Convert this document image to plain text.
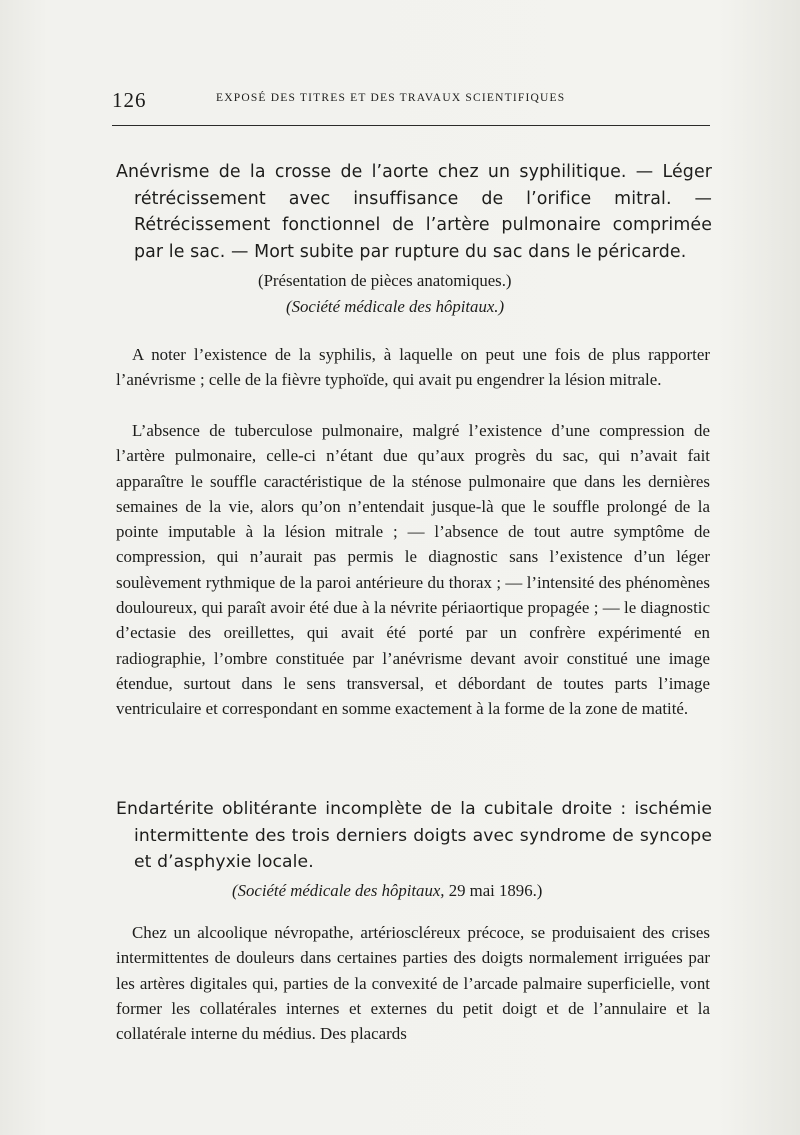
126	EXPOSÉ DES TITRES ET DES TRAVAUX SCIENTIFIQUES
Anévrisme de la crosse de l’aorte chez un syphilitique. — Léger rétrécissement avec insuffisance de l’orifice mitral. — Rétrécissement fonctionnel de l’artère pulmonaire comprimée par le sac. — Mort subite par rupture du sac dans le péricarde.
(Présentation de pièces anatomiques.)
(Société médicale des hôpitaux.)

A noter l’existence de la syphilis, à laquelle on peut une fois de plus rapporter l’anévrisme ; celle de la fièvre typhoïde, qui avait pu engendrer la lésion mitrale.

L’absence de tuberculose pulmonaire, malgré l’existence d’une compression de l’artère pulmonaire, celle-ci n’étant due qu’aux progrès du sac, qui n’avait fait apparaître le souffle caractéristique de la sténose pulmonaire que dans les dernières semaines de la vie, alors qu’on n’entendait jusque-là que le souffle prolongé de la pointe imputable à la lésion mitrale ; — l’absence de tout autre symptôme de compression, qui n’aurait pas permis le diagnostic sans l’existence d’un léger soulèvement rythmique de la paroi antérieure du thorax ; — l’intensité des phénomènes douloureux, qui paraît avoir été due à la névrite périaortique propagée ; — le diagnostic d’ectasie des oreillettes, qui avait été porté par un confrère expérimenté en radiographie, l’ombre constituée par l’anévrisme devant avoir constitué une image étendue, surtout dans le sens transversal, et débordant de toutes parts l’image ventriculaire et correspondant en somme exactement à la forme de la zone de matité.

Endartérite oblitérante incomplète de la cubitale droite : ischémie intermittente des trois derniers doigts avec syndrome de syncope et d’asphyxie locale.
(Société médicale des hôpitaux, 29 mai 1896.)

Chez un alcoolique névropathe, artérioscléreux précoce, se produisaient des crises intermittentes de douleurs dans certaines parties des doigts normalement irriguées par les artères digitales qui, parties de la convexité de l’arcade palmaire superficielle, vont former les collatérales internes et externes du petit doigt et de l’annulaire et la collatérale interne du médius. Des placards
